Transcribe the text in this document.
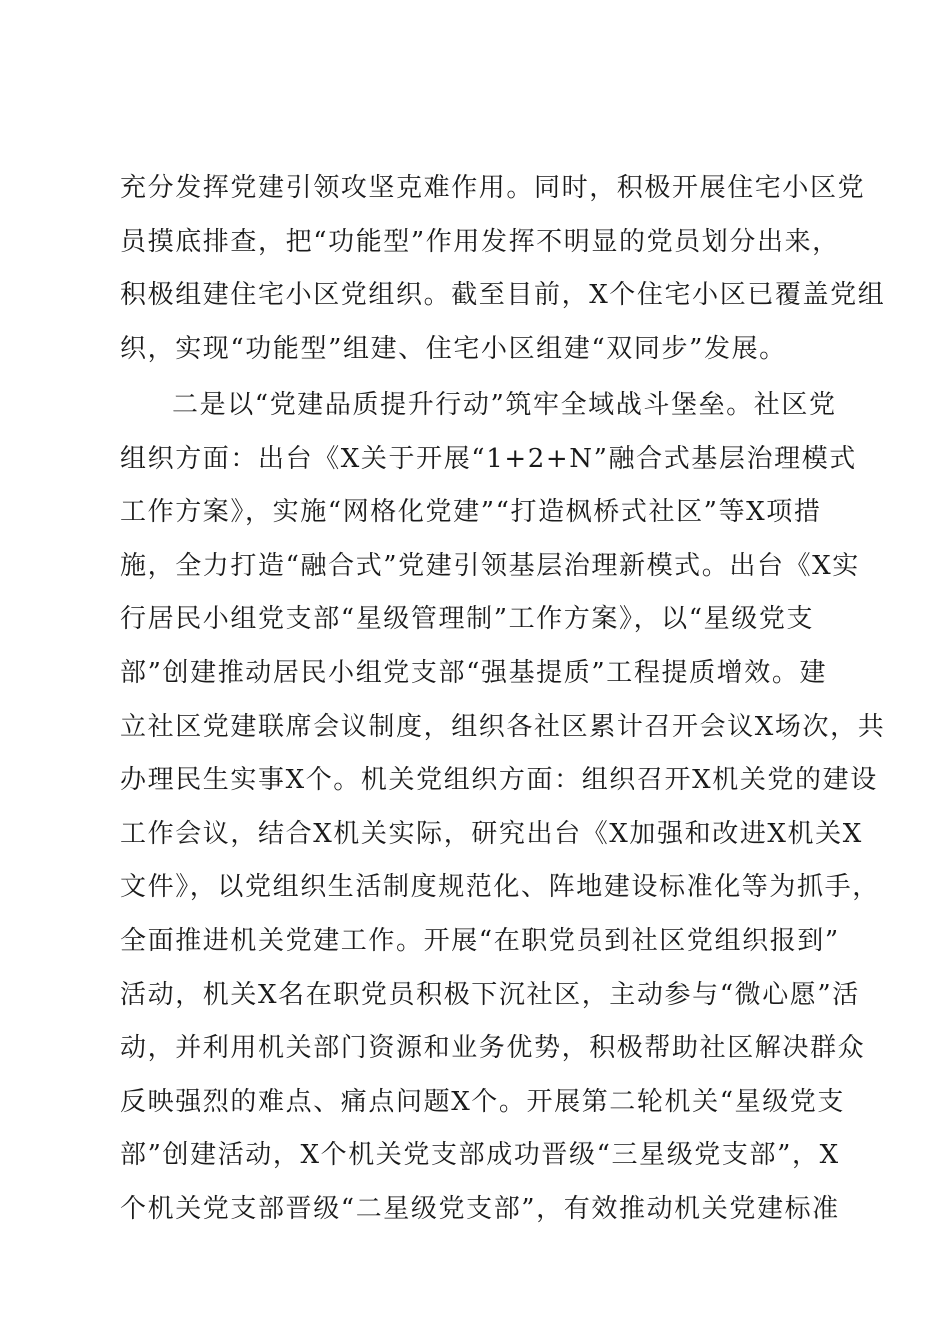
充分发挥党建引领攻坚克难作用。同时，积极开展住宅小区党
员摸底排查，把“功能型”作用发挥不明显的党员划分出来，
积极组建住宅小区党组织。截至目前，X个住宅小区已覆盖党组
织，实现“功能型”组建、住宅小区组建“双同步”发展。
二是以“党建品质提升行动”筑牢全域战斗堡垒。社区党
组织方面：出台《X关于开展“1+2+N”融合式基层治理模式
工作方案》，实施“网格化党建”“打造枫桥式社区”等X项措
施，全力打造“融合式”党建引领基层治理新模式。出台《X实
行居民小组党支部“星级管理制”工作方案》，以“星级党支
部”创建推动居民小组党支部“强基提质”工程提质增效。建
立社区党建联席会议制度，组织各社区累计召开会议X场次，共
办理民生实事X个。机关党组织方面：组织召开X机关党的建设
工作会议，结合X机关实际，研究出台《X加强和改进X机关X
文件》，以党组织生活制度规范化、阵地建设标准化等为抓手，
全面推进机关党建工作。开展“在职党员到社区党组织报到”
活动，机关X名在职党员积极下沉社区，主动参与“微心愿”活
动，并利用机关部门资源和业务优势，积极帮助社区解决群众
反映强烈的难点、痛点问题X个。开展第二轮机关“星级党支
部”创建活动，X个机关党支部成功晋级“三星级党支部”，X
个机关党支部晋级“二星级党支部”，有效推动机关党建标准
